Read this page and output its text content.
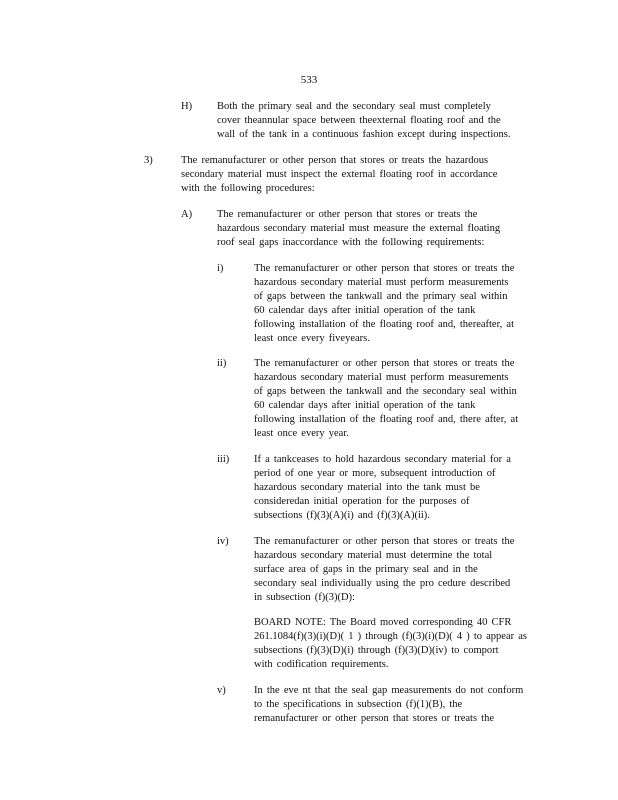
533
H) Both the primary seal and the secondary seal must completely
cover theannular space between theexternal floating roof and the
wall of the tank in a continuous fashion except during inspections.
3)	The remanufacturer or other person that stores or treats the hazardous
secondary material must inspect the external floating roof in accordance
with the following procedures:
A) The remanufacturer or other person that stores or treats the
hazardous secondary material must measure the external floating
roof seal gaps inaccordance with the following requirements:
i)	The remanufacturer or other person that stores or treats the
hazardous secondary material must perform measurements
of gaps between the tankwall and the primary seal within
60 calendar days after initial operation of the tank
following installation of the floating roof and, thereafter, at
least once every fiveyears.
ii)	The remanufacturer or other person that stores or treats the
hazardous secondary material must perform measurements
of gaps between the tankwall and the secondary seal within
60 calendar days after initial operation of the tank
following installation of the floating roof and, there after, at
least once every year.
iii) If a tankceases to hold hazardous secondary material for a
period of one year or more, subsequent introduction of
hazardous secondary material into the tank must be
consideredan initial operation for the purposes of
subsections (f)(3)(A)(i) and (f)(3)(A)(ii).
iv) The remanufacturer or other person that stores or treats the
hazardous secondary material must determine the total
surface area of gaps in the primary seal and in the
secondary seal individually using the pro cedure described
in subsection (f)(3)(D):
BOARD NOTE: The Board moved corresponding 40 CFR
261.1084(f)(3)(i)(D)( 1 ) through (f)(3)(i)(D)( 4 ) to appear as
subsections (f)(3)(D)(i) through (f)(3)(D)(iv) to comport
with codification requirements.
v)	In the eve nt that the seal gap measurements do not conform
to the specifications in subsection (f)(1)(B), the
remanufacturer or other person that stores or treats the
